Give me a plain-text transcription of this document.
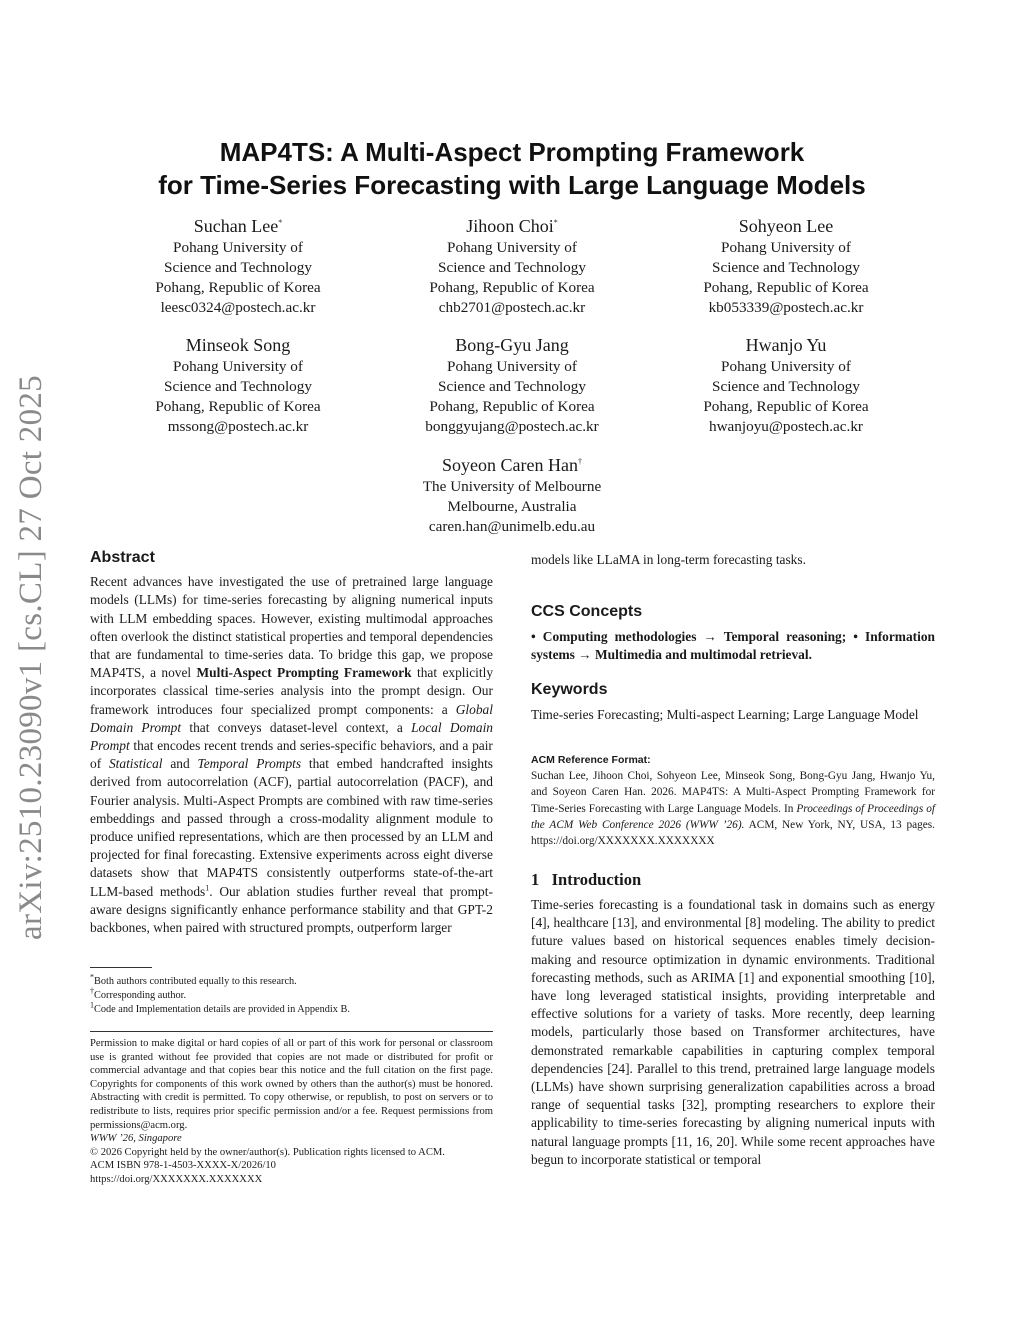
arXiv:2510.23090v1 [cs.CL] 27 Oct 2025
MAP4TS: A Multi-Aspect Prompting Framework
for Time-Series Forecasting with Large Language Models
Suchan Lee*
Pohang University of
Science and Technology
Pohang, Republic of Korea
leesc0324@postech.ac.kr
Jihoon Choi*
Pohang University of
Science and Technology
Pohang, Republic of Korea
chb2701@postech.ac.kr
Sohyeon Lee
Pohang University of
Science and Technology
Pohang, Republic of Korea
kb053339@postech.ac.kr
Minseok Song
Pohang University of
Science and Technology
Pohang, Republic of Korea
mssong@postech.ac.kr
Bong-Gyu Jang
Pohang University of
Science and Technology
Pohang, Republic of Korea
bonggyujang@postech.ac.kr
Hwanjo Yu
Pohang University of
Science and Technology
Pohang, Republic of Korea
hwanjoyu@postech.ac.kr
Soyeon Caren Han†
The University of Melbourne
Melbourne, Australia
caren.han@unimelb.edu.au
Abstract

Recent advances have investigated the use of pretrained large language models (LLMs) for time-series forecasting by aligning numerical inputs with LLM embedding spaces. However, existing multimodal approaches often overlook the distinct statistical properties and temporal dependencies that are fundamental to time-series data. To bridge this gap, we propose MAP4TS, a novel Multi-Aspect Prompting Framework that explicitly incorporates classical time-series analysis into the prompt design. Our framework introduces four specialized prompt components: a Global Domain Prompt that conveys dataset-level context, a Local Domain Prompt that encodes recent trends and series-specific behaviors, and a pair of Statistical and Temporal Prompts that embed handcrafted insights derived from autocorrelation (ACF), partial autocorrelation (PACF), and Fourier analysis. Multi-Aspect Prompts are combined with raw time-series embeddings and passed through a cross-modality alignment module to produce unified representations, which are then processed by an LLM and projected for final forecasting. Extensive experiments across eight diverse datasets show that MAP4TS consistently outperforms state-of-the-art LLM-based methods$^1$. Our ablation studies further reveal that prompt-aware designs significantly enhance performance stability and that GPT-2 backbones, when paired with structured prompts, outperform larger

*Both authors contributed equally to this research.
†Corresponding author.
$^1$Code and Implementation details are provided in Appendix B.

Permission to make digital or hard copies of all or part of this work for personal or classroom use is granted without fee provided that copies are not made or distributed for profit or commercial advantage and that copies bear this notice and the full citation on the first page. Copyrights for components of this work owned by others than the author(s) must be honored. Abstracting with credit is permitted. To copy otherwise, or republish, to post on servers or to redistribute to lists, requires prior specific permission and/or a fee. Request permissions from permissions@acm.org.

WWW ’26, Singapore

© 2026 Copyright held by the owner/author(s). Publication rights licensed to ACM.

ACM ISBN 978-1-4503-XXXX-X/2026/10

https://doi.org/XXXXXXX.XXXXXXX

models like LLaMA in long-term forecasting tasks.

CCS Concepts

• Computing methodologies → Temporal reasoning; • Information systems → Multimedia and multimodal retrieval.

Keywords
Time-series Forecasting; Multi-aspect Learning; Large Language Model
ACM Reference Format:

Suchan Lee, Jihoon Choi, Sohyeon Lee, Minseok Song, Bong-Gyu Jang, Hwanjo Yu, and Soyeon Caren Han. 2026. MAP4TS: A Multi-Aspect Prompting Framework for Time-Series Forecasting with Large Language Models. In Proceedings of Proceedings of the ACM Web Conference 2026 (WWW ’26). ACM, New York, NY, USA, 13 pages. https://doi.org/XXXXXXX.XXXXXXX

1 Introduction
Time-series forecasting is a foundational task in domains such as energy [4], healthcare [13], and environmental [8] modeling. The ability to predict future values based on historical sequences enables timely decision-making and resource optimization in dynamic environments. Traditional forecasting methods, such as ARIMA [1] and exponential smoothing [10], have long leveraged statistical insights, providing interpretable and effective solutions for a variety of tasks. More recently, deep learning models, particularly those based on Transformer architectures, have demonstrated remarkable capabilities in capturing complex temporal dependencies [24]. Parallel to this trend, pretrained large language models (LLMs) have shown surprising generalization capabilities across a broad range of sequential tasks [32], prompting researchers to explore their applicability to time-series forecasting by aligning numerical inputs with natural language prompts [11, 16, 20]. While some recent approaches have begun to incorporate statistical or temporal
